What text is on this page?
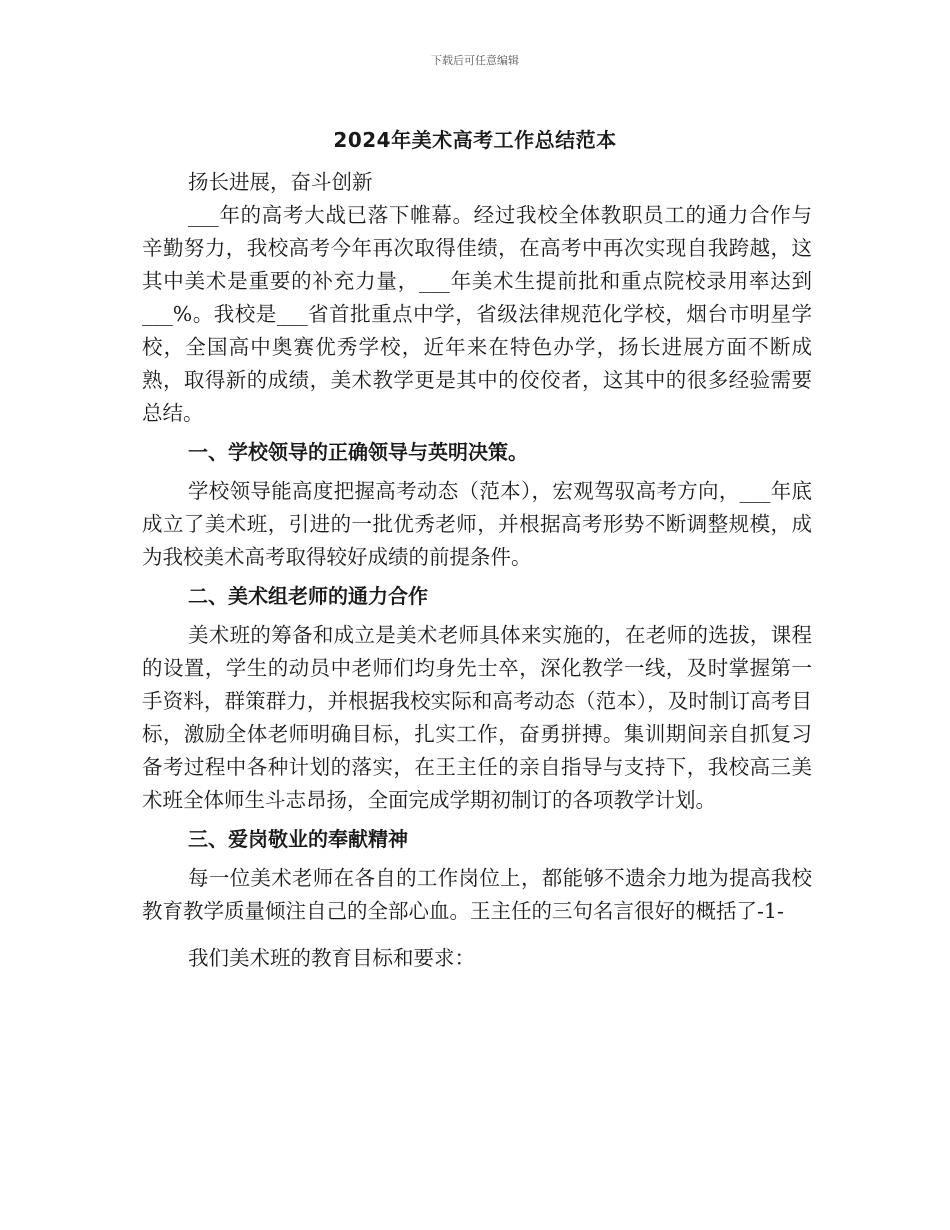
下载后可任意编辑
2024年美术高考工作总结范本

扬长进展，奋斗创新

___年的高考大战已落下帷幕。经过我校全体教职员工的通力合作与辛勤努力，我校高考今年再次取得佳绩，在高考中再次实现自我跨越，这其中美术是重要的补充力量，___年美术生提前批和重点院校录用率达到___%。我校是___省首批重点中学，省级法律规范化学校，烟台市明星学校，全国高中奥赛优秀学校，近年来在特色办学，扬长进展方面不断成熟，取得新的成绩，美术教学更是其中的佼佼者，这其中的很多经验需要总结。

一、学校领导的正确领导与英明决策。

学校领导能高度把握高考动态（范本），宏观驾驭高考方向，___年底成立了美术班，引进的一批优秀老师，并根据高考形势不断调整规模，成为我校美术高考取得较好成绩的前提条件。

二、美术组老师的通力合作

美术班的筹备和成立是美术老师具体来实施的，在老师的选拔，课程的设置，学生的动员中老师们均身先士卒，深化教学一线，及时掌握第一手资料，群策群力，并根据我校实际和高考动态（范本），及时制订高考目标，激励全体老师明确目标，扎实工作，奋勇拼搏。集训期间亲自抓复习备考过程中各种计划的落实，在王主任的亲自指导与支持下，我校高三美术班全体师生斗志昂扬，全面完成学期初制订的各项教学计划。

三、爱岗敬业的奉献精神

每一位美术老师在各自的工作岗位上，都能够不遗余力地为提高我校教育教学质量倾注自己的全部心血。王主任的三句名言很好的概括了-1-

我们美术班的教育目标和要求：
